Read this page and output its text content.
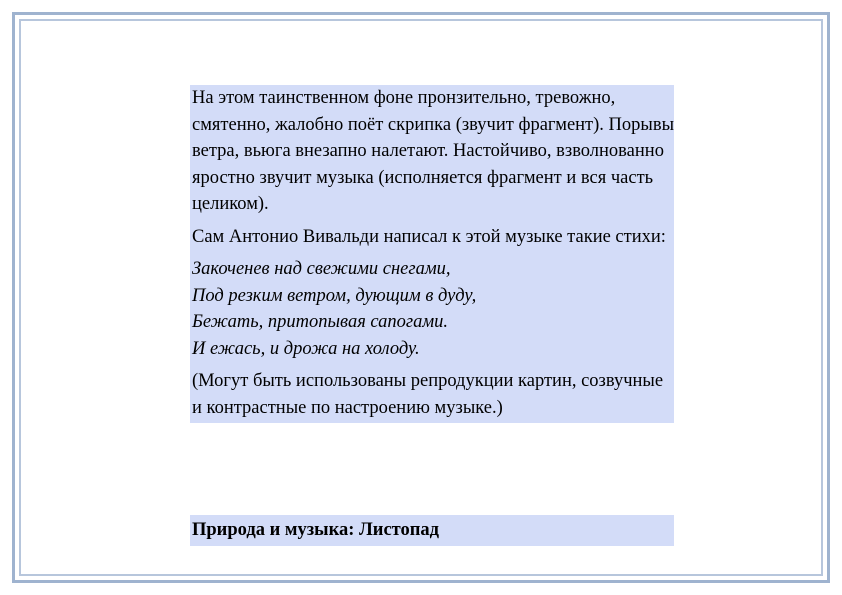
На этом таинственном фоне пронзительно, тревожно, смятенно, жалобно поёт скрипка (звучит фрагмент). Порывы ветра, вьюга внезапно налетают. Настойчиво, взволнованно яростно звучит музыка (исполняется фрагмент и вся часть целиком).

Сам Антонио Вивальди написал к этой музыке такие стихи:

Закоченев над свежими снегами,
Под резким ветром, дующим в дуду,
Бежать, притопывая сапогами.
И ежась, и дрожа на холоду.

(Могут быть использованы репродукции картин, созвучные и контрастные по настроению музыке.)

Природа и музыка: Листопад
